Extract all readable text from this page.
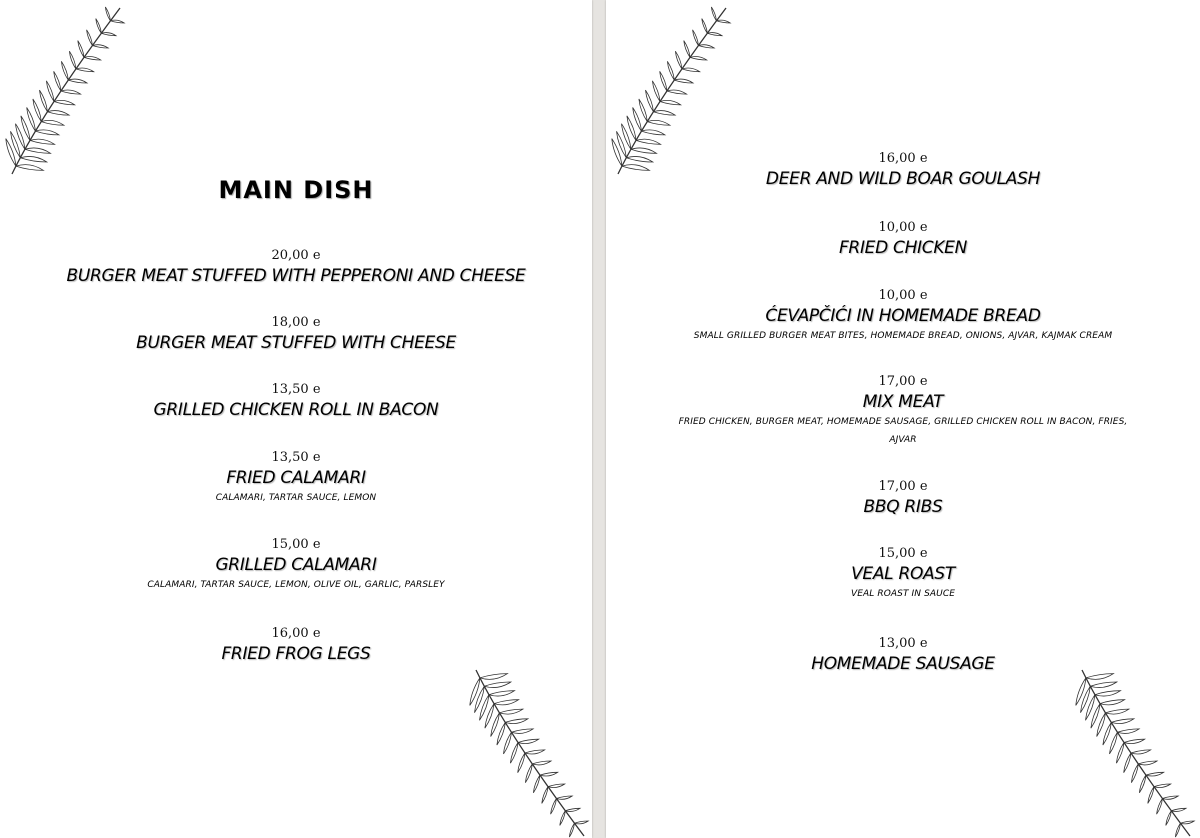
MAIN DISH
20,00 e
BURGER MEAT STUFFED WITH PEPPERONI AND CHEESE
18,00 e
BURGER MEAT STUFFED WITH CHEESE
13,50 e
GRILLED CHICKEN ROLL IN BACON
13,50 e
FRIED CALAMARI
CALAMARI, TARTAR SAUCE, LEMON
15,00 e
GRILLED CALAMARI
CALAMARI, TARTAR SAUCE, LEMON, OLIVE OIL, GARLIC, PARSLEY
16,00 e
FRIED FROG LEGS
16,00 e
DEER AND WILD BOAR GOULASH
10,00 e
FRIED CHICKEN
10,00 e
ĆEVAPČIĆI IN HOMEMADE BREAD
SMALL GRILLED BURGER MEAT BITES, HOMEMADE BREAD, ONIONS, AJVAR, KAJMAK CREAM
17,00 e
MIX MEAT
FRIED CHICKEN, BURGER MEAT, HOMEMADE SAUSAGE, GRILLED CHICKEN ROLL IN BACON, FRIES, AJVAR
17,00 e
BBQ RIBS
15,00 e
VEAL ROAST
VEAL ROAST IN SAUCE
13,00 e
HOMEMADE SAUSAGE
